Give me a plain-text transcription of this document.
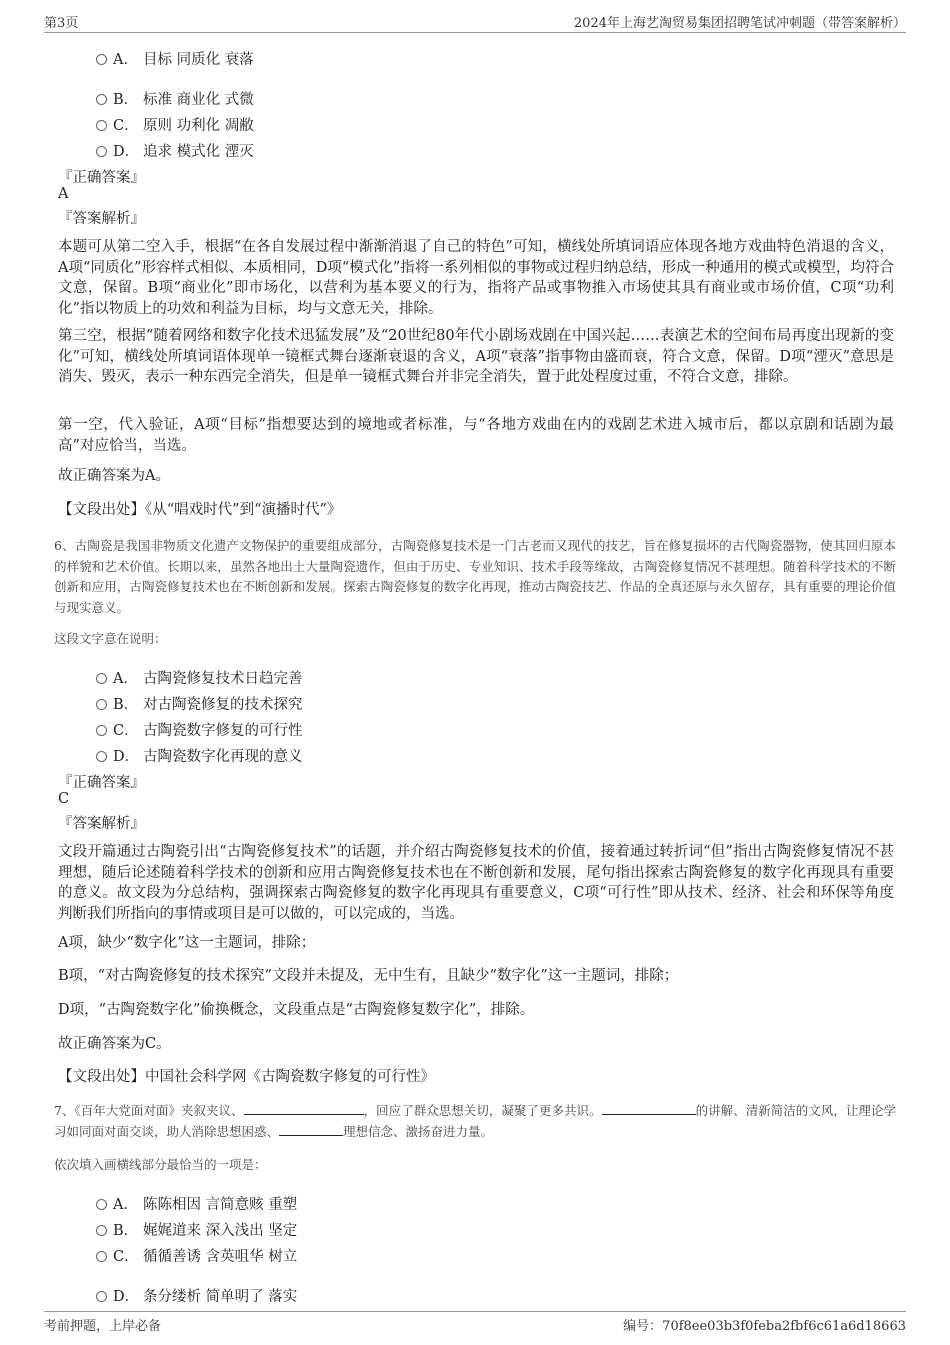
第3页	2024年上海艺淘贸易集团招聘笔试冲刺题（带答案解析）
A． 目标 同质化 衰落
B． 标准 商业化 式微
C． 原则 功利化 凋敝
D． 追求 模式化 湮灭
『正确答案』
A
『答案解析』

本题可从第二空入手，根据“在各自发展过程中渐渐消退了自己的特色”可知，横线处所填词语应体现各地方戏曲特色消退的含义，A项“同质化”形容样式相似、本质相同，D项“模式化”指将一系列相似的事物或过程归纳总结，形成一种通用的模式或模型，均符合文意，保留。B项“商业化”即市场化，以营利为基本要义的行为，指将产品或事物推入市场使其具有商业或市场价值，C项“功利化”指以物质上的功效和利益为目标，均与文意无关，排除。

第三空，根据“随着网络和数字化技术迅猛发展”及“20世纪80年代小剧场戏剧在中国兴起……表演艺术的空间布局再度出现新的变化”可知，横线处所填词语体现单一镜框式舞台逐渐衰退的含义，A项“衰落”指事物由盛而衰，符合文意，保留。D项“湮灭”意思是消失、毁灭，表示一种东西完全消失，但是单一镜框式舞台并非完全消失，置于此处程度过重，不符合文意，排除。

第一空，代入验证，A项“目标”指想要达到的境地或者标准，与“各地方戏曲在内的戏剧艺术进入城市后，都以京剧和话剧为最高”对应恰当，当选。

故正确答案为A。

【文段出处】《从“唱戏时代”到“演播时代”》

6、古陶瓷是我国非物质文化遗产文物保护的重要组成部分，古陶瓷修复技术是一门古老而又现代的技艺，旨在修复损坏的古代陶瓷器物，使其回归原本的样貌和艺术价值。长期以来，虽然各地出土大量陶瓷遗作，但由于历史、专业知识、技术手段等缘故，古陶瓷修复情况不甚理想。随着科学技术的不断创新和应用，古陶瓷修复技术也在不断创新和发展。探索古陶瓷修复的数字化再现，推动古陶瓷技艺、作品的全真还原与永久留存，具有重要的理论价值与现实意义。

这段文字意在说明：

A． 古陶瓷修复技术日趋完善
B． 对古陶瓷修复的技术探究
C． 古陶瓷数字修复的可行性
D． 古陶瓷数字化再现的意义
『正确答案』
C
『答案解析』

文段开篇通过古陶瓷引出“古陶瓷修复技术”的话题，并介绍古陶瓷修复技术的价值，接着通过转折词“但”指出古陶瓷修复情况不甚理想，随后论述随着科学技术的创新和应用古陶瓷修复技术也在不断创新和发展，尾句指出探索古陶瓷修复的数字化再现具有重要的意义。故文段为分总结构，强调探索古陶瓷修复的数字化再现具有重要意义，C项“可行性”即从技术、经济、社会和环保等角度判断我们所指向的事情或项目是可以做的，可以完成的，当选。

A项，缺少“数字化”这一主题词，排除；

B项，“对古陶瓷修复的技术探究”文段并未提及，无中生有，且缺少“数字化”这一主题词，排除；

D项，“古陶瓷数字化”偷换概念，文段重点是“古陶瓷修复数字化”，排除。

故正确答案为C。

【文段出处】中国社会科学网《古陶瓷数字修复的可行性》

7、《百年大党面对面》夹叙夹议、	，回应了群众思想关切，凝聚了更多共识。	的讲解、清新简洁的文风，让理论学习如同面对面交谈，助人消除思想困惑、	理想信念、激扬奋进力量。

依次填入画横线部分最恰当的一项是：

A． 陈陈相因 言简意赅 重塑
B． 娓娓道来 深入浅出 坚定
C． 循循善诱 含英咀华 树立
D． 条分缕析 简单明了 落实
考前押题，上岸必备	编号：70f8ee03b3f0feba2fbf6c61a6d18663
